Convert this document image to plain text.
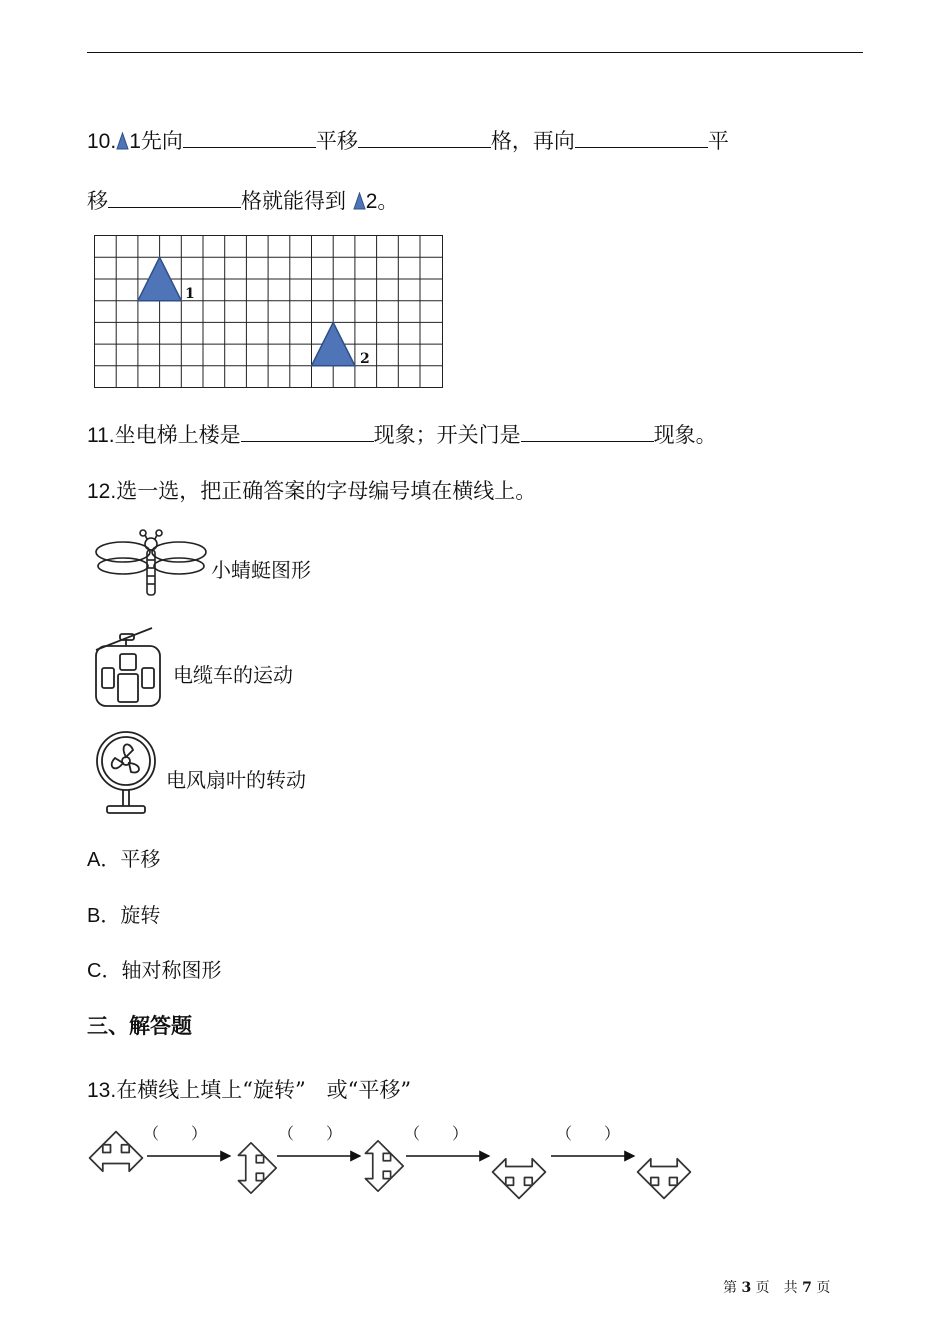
10. 1先向	平移	格，再向	平
移	格就能得到 2。
1
2
11.坐电梯上楼是	现象；开关门是	现象。
12.选一选，把正确答案的字母编号填在横线上。
小蜻蜓图形
电缆车的运动
电风扇叶的转动
A．平移
B．旋转
C．轴对称图形
三、解答题
13.在横线上填上“旋转”　或“平移”
（　　）	（　　）	（　　）	（　　）
第 3 页　共 7 页
